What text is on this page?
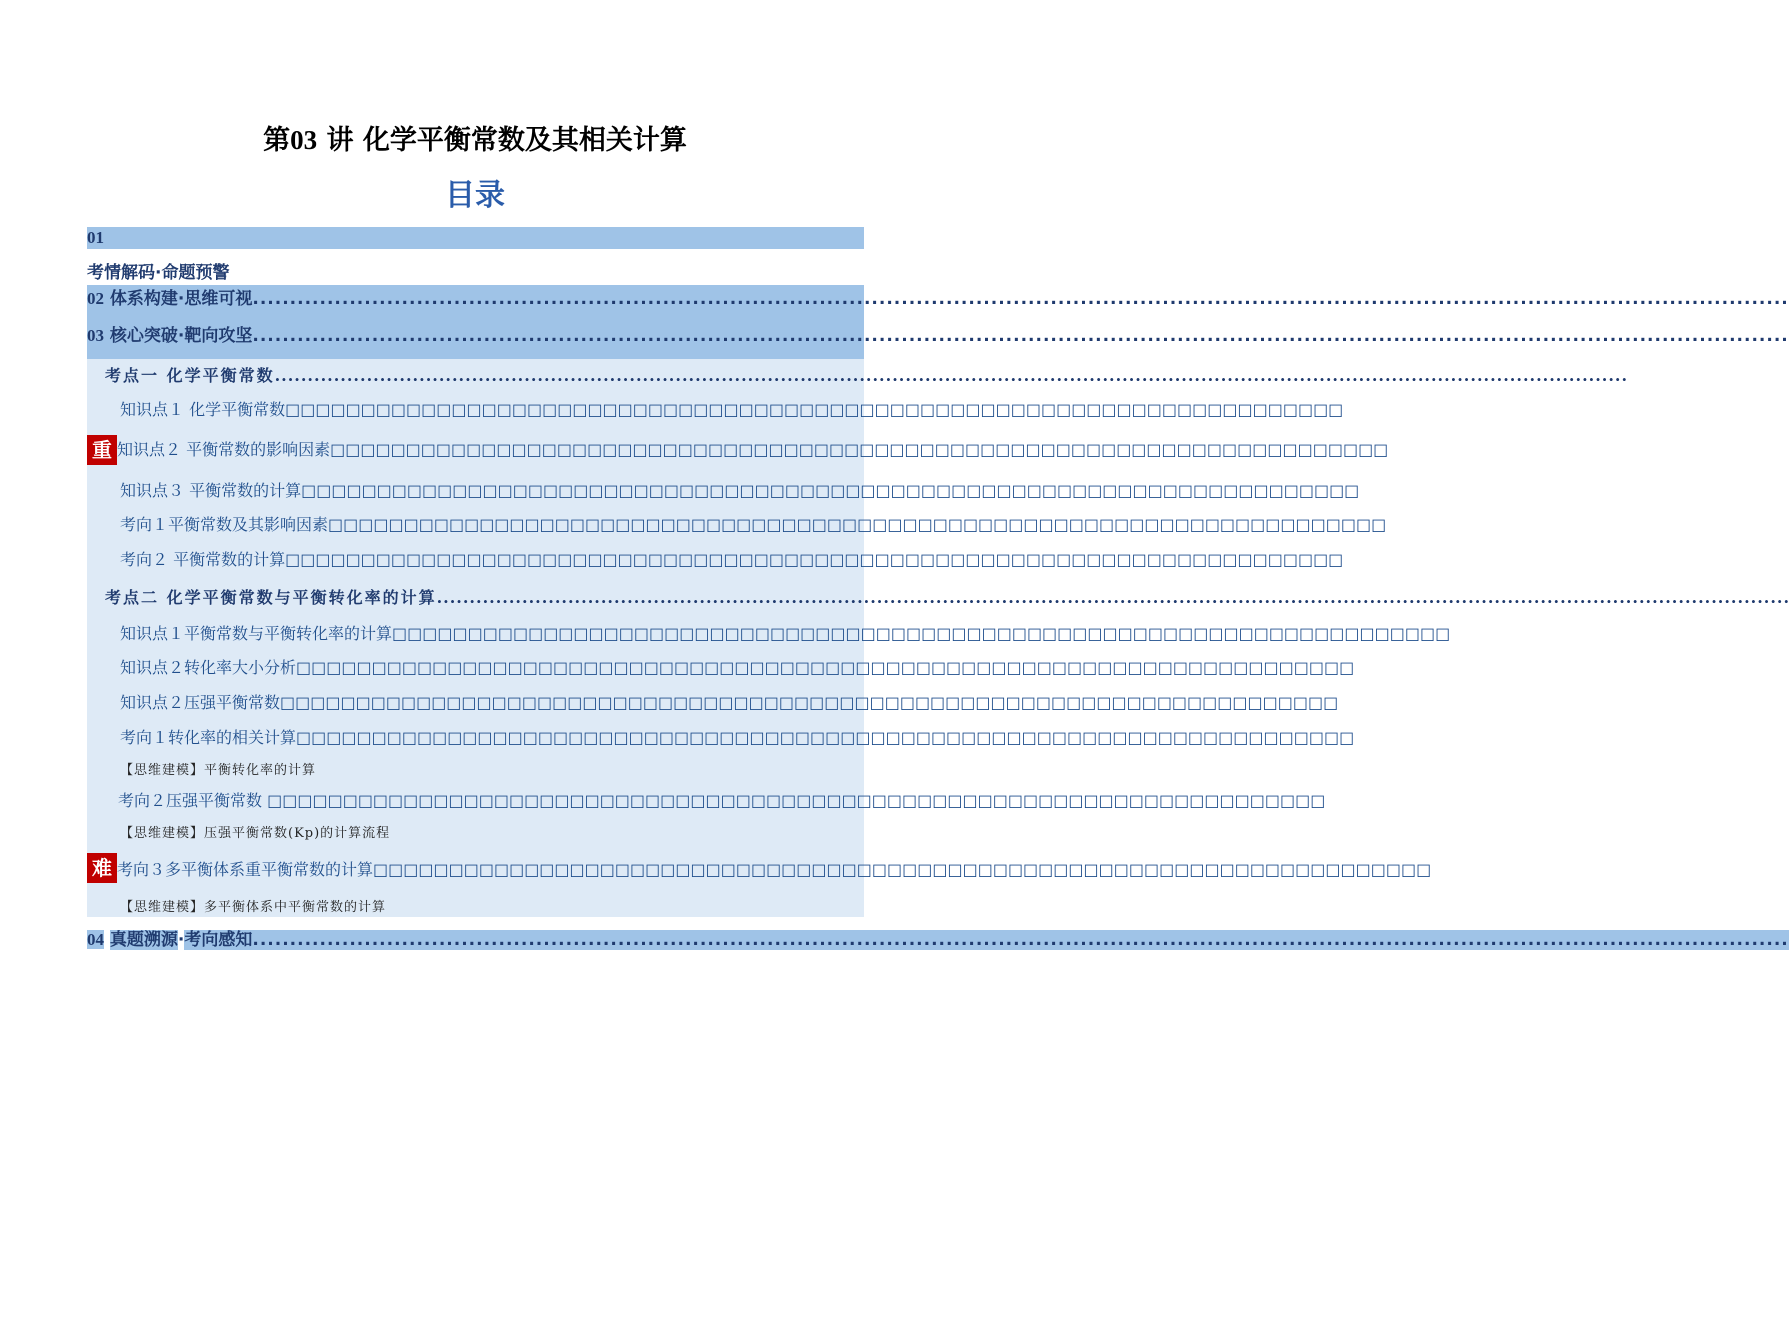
第03 讲 化学平衡常数及其相关计算
目录
01
考情解码·命题预警
02 体系构建·思维可视..............................................................................................................................................................................................................
03 核心突破·靶向攻坚..............................................................................................................................................................................................................
考点一 化学平衡常数..............................................................................................................................................................................................................
知识点１ 化学平衡常数□□□□□□□□□□□□□□□□□□□□□□□□□□□□□□□□□□□□□□□□□□□□□□□□□□□□□□□□□□□□□□□□□□□□□□
重 知识点２ 平衡常数的影响因素□□□□□□□□□□□□□□□□□□□□□□□□□□□□□□□□□□□□□□□□□□□□□□□□□□□□□□□□□□□□□□□□□□□□□□
知识点３ 平衡常数的计算□□□□□□□□□□□□□□□□□□□□□□□□□□□□□□□□□□□□□□□□□□□□□□□□□□□□□□□□□□□□□□□□□□□□□□
考向１平衡常数及其影响因素□□□□□□□□□□□□□□□□□□□□□□□□□□□□□□□□□□□□□□□□□□□□□□□□□□□□□□□□□□□□□□□□□□□□□□
考向２ 平衡常数的计算□□□□□□□□□□□□□□□□□□□□□□□□□□□□□□□□□□□□□□□□□□□□□□□□□□□□□□□□□□□□□□□□□□□□□□
考点二 化学平衡常数与平衡转化率的计算..............................................................................................................................................................................................................
知识点１平衡常数与平衡转化率的计算□□□□□□□□□□□□□□□□□□□□□□□□□□□□□□□□□□□□□□□□□□□□□□□□□□□□□□□□□□□□□□□□□□□□□□
知识点２转化率大小分析□□□□□□□□□□□□□□□□□□□□□□□□□□□□□□□□□□□□□□□□□□□□□□□□□□□□□□□□□□□□□□□□□□□□□□
知识点２压强平衡常数□□□□□□□□□□□□□□□□□□□□□□□□□□□□□□□□□□□□□□□□□□□□□□□□□□□□□□□□□□□□□□□□□□□□□□
考向１转化率的相关计算□□□□□□□□□□□□□□□□□□□□□□□□□□□□□□□□□□□□□□□□□□□□□□□□□□□□□□□□□□□□□□□□□□□□□□
【思维建模】平衡转化率的计算
考向２压强平衡常数 □□□□□□□□□□□□□□□□□□□□□□□□□□□□□□□□□□□□□□□□□□□□□□□□□□□□□□□□□□□□□□□□□□□□□□
【思维建模】压强平衡常数(Kp)的计算流程
难 考向３多平衡体系重平衡常数的计算□□□□□□□□□□□□□□□□□□□□□□□□□□□□□□□□□□□□□□□□□□□□□□□□□□□□□□□□□□□□□□□□□□□□□□
【思维建模】多平衡体系中平衡常数的计算
04 真题溯源·考向感知..............................................................................................................................................................................................................
